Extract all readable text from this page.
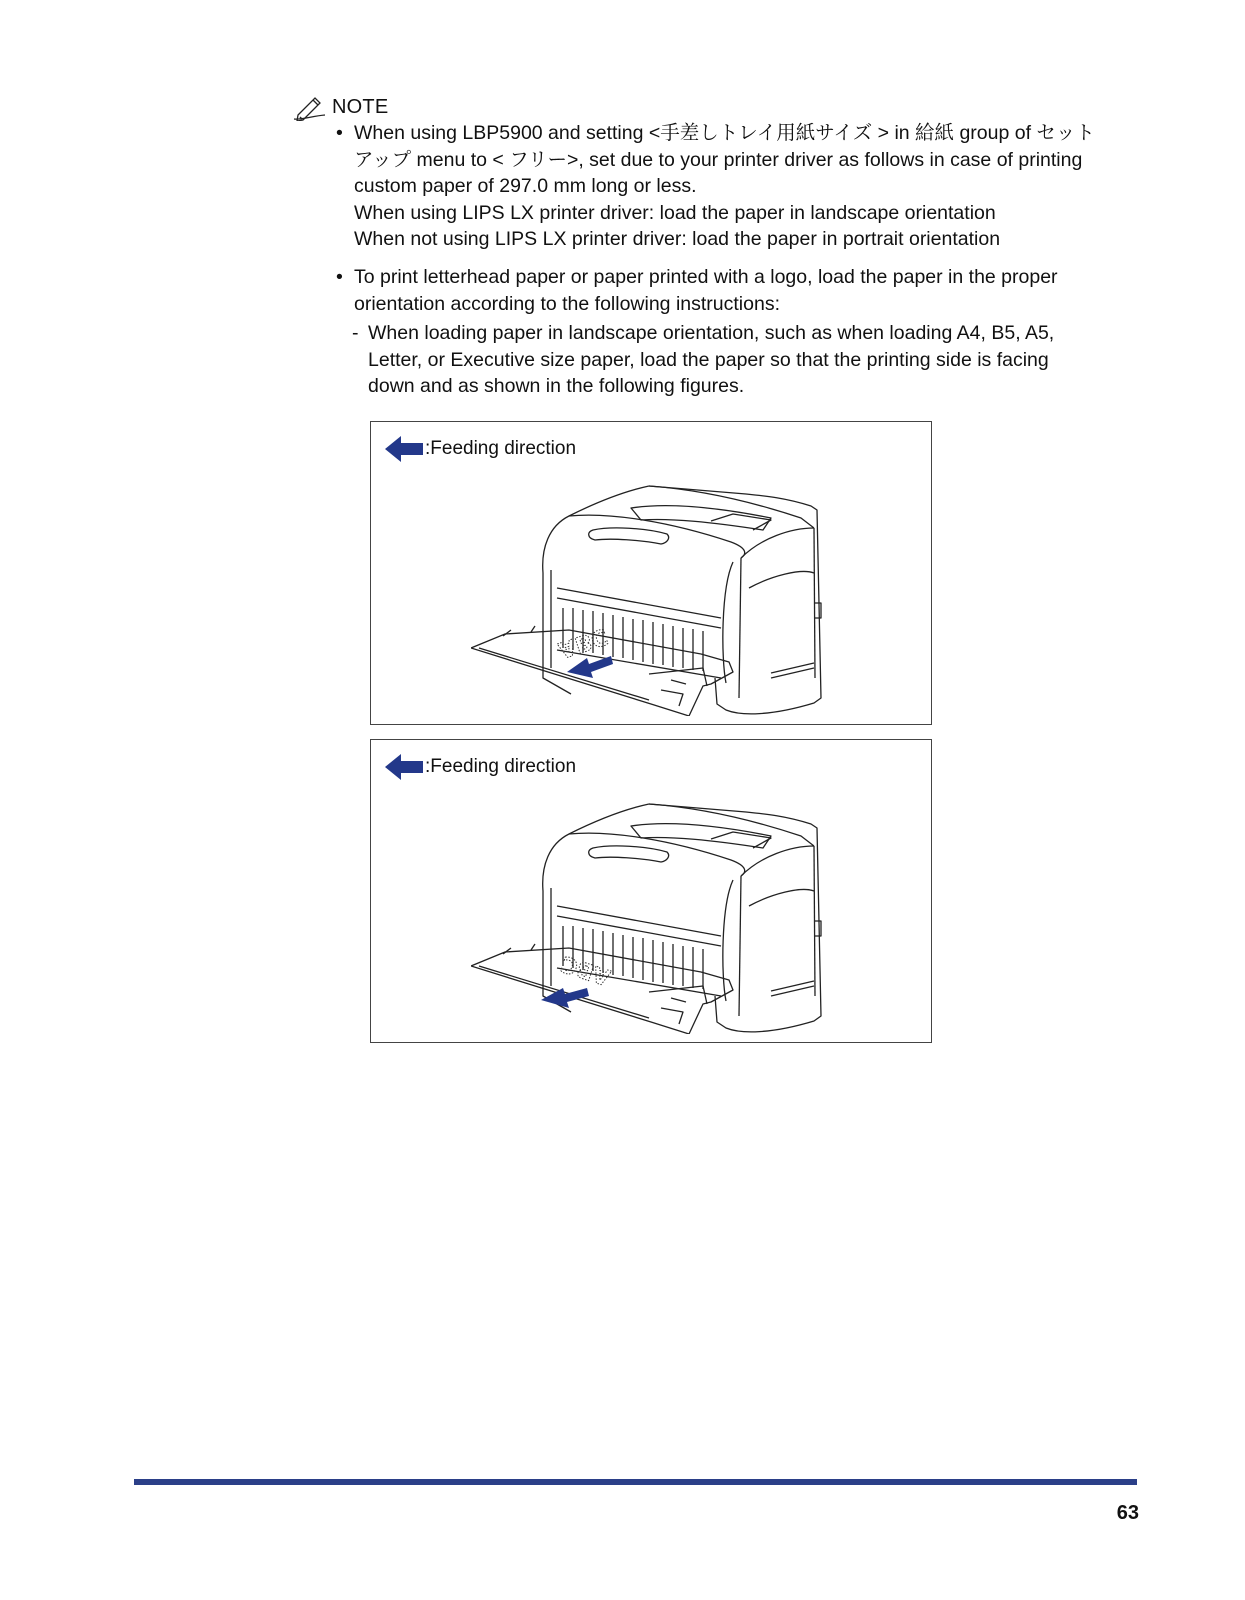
NOTE
• When using LBP5900 and setting <手差しトレイ用紙サイズ > in 給紙 group of セット
アップ menu to < フリー>, set due to your printer driver as follows in case of printing
custom paper of 297.0 mm long or less.
When using LIPS LX printer driver: load the paper in landscape orientation
When not using LIPS LX printer driver: load the paper in portrait orientation
• To print letterhead paper or paper printed with a logo, load the paper in the proper
orientation according to the following instructions:
- When loading paper in landscape orientation, such as when loading A4, B5, A5,
Letter, or Executive size paper, load the paper so that the printing side is facing
down and as shown in the following figures.
:Feeding direction
ABC
:Feeding direction
ABC
63
